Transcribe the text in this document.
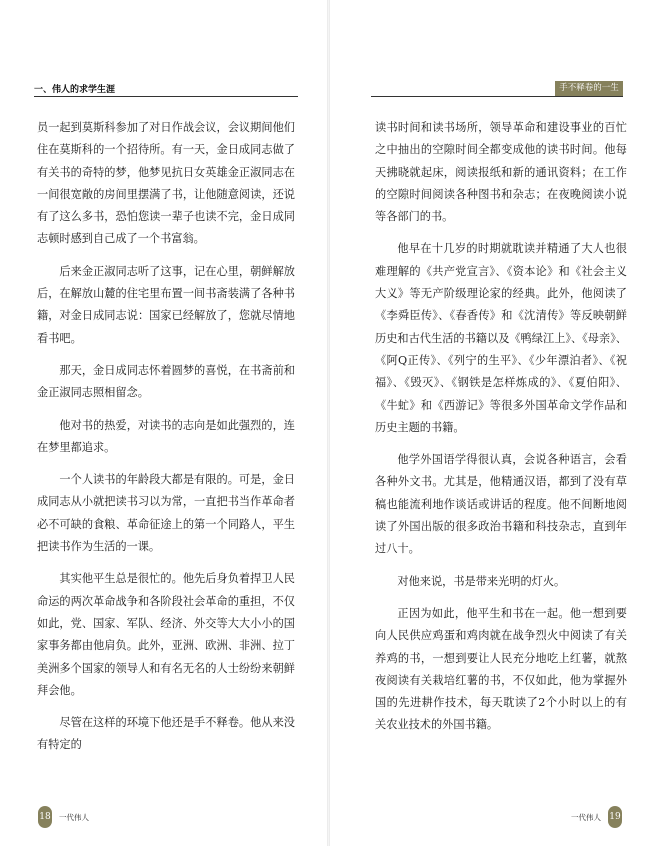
一、伟人的求学生涯

员一起到莫斯科参加了对日作战会议，会议期间他们住在莫斯科的一个招待所。有一天，金日成同志做了有关书的奇特的梦，他梦见抗日女英雄金正淑同志在一间很宽敞的房间里摆满了书，让他随意阅读，还说有了这么多书，恐怕您读一辈子也读不完，金日成同志顿时感到自己成了一个书富翁。

后来金正淑同志听了这事，记在心里，朝鲜解放后，在解放山麓的住宅里布置一间书斋装满了各种书籍，对金日成同志说：国家已经解放了，您就尽情地看书吧。

那天，金日成同志怀着圆梦的喜悦，在书斋前和金正淑同志照相留念。

他对书的热爱，对读书的志向是如此强烈的，连在梦里都追求。

一个人读书的年龄段大都是有限的。可是，金日成同志从小就把读书习以为常，一直把书当作革命者必不可缺的食粮、革命征途上的第一个同路人，平生把读书作为生活的一课。

其实他平生总是很忙的。他先后身负着捍卫人民命运的两次革命战争和各阶段社会革命的重担，不仅如此，党、国家、军队、经济、外交等大大小小的国家事务都由他肩负。此外，亚洲、欧洲、非洲、拉丁美洲多个国家的领导人和有名无名的人士纷纷来朝鲜拜会他。

尽管在这样的环境下他还是手不释卷。他从来没有特定的

18 一代伟人
手不释卷的一生

读书时间和读书场所，领导革命和建设事业的百忙之中抽出的空隙时间全都变成他的读书时间。他每天拂晓就起床，阅读报纸和新的通讯资料；在工作的空隙时间阅读各种图书和杂志；在夜晚阅读小说等各部门的书。

他早在十几岁的时期就耽读并精通了大人也很难理解的《共产党宣言》、《资本论》和《社会主义大义》等无产阶级理论家的经典。此外，他阅读了《李舜臣传》、《春香传》和《沈清传》等反映朝鲜历史和古代生活的书籍以及《鸭绿江上》、《母亲》、《阿Q正传》、《列宁的生平》、《少年漂泊者》、《祝福》、《毁灭》、《钢铁是怎样炼成的》、《夏伯阳》、《牛虻》和《西游记》等很多外国革命文学作品和历史主题的书籍。

他学外国语学得很认真，会说各种语言，会看各种外文书。尤其是，他精通汉语，都到了没有草稿也能流利地作谈话或讲话的程度。他不间断地阅读了外国出版的很多政治书籍和科技杂志，直到年过八十。

对他来说，书是带来光明的灯火。

正因为如此，他平生和书在一起。他一想到要向人民供应鸡蛋和鸡肉就在战争烈火中阅读了有关养鸡的书，一想到要让人民充分地吃上红薯，就熬夜阅读有关栽培红薯的书，不仅如此，他为掌握外国的先进耕作技术，每天耽读了2个小时以上的有关农业技术的外国书籍。

一代伟人 19
